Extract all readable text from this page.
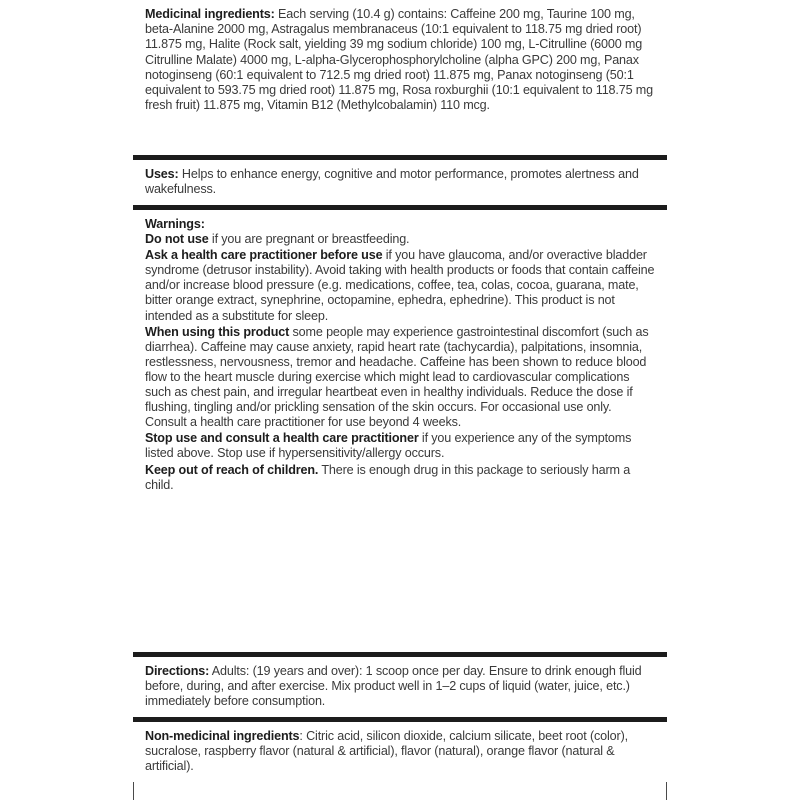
Medicinal ingredients: Each serving (10.4 g) contains: Caffeine 200 mg, Taurine 100 mg, beta-Alanine 2000 mg, Astragalus membranaceus (10:1 equivalent to 118.75 mg dried root) 11.875 mg, Halite (Rock salt, yielding 39 mg sodium chloride) 100 mg, L-Citrulline (6000 mg Citrulline Malate) 4000 mg, L-alpha-Glycerophosphorylcholine (alpha GPC) 200 mg, Panax notoginseng (60:1 equivalent to 712.5 mg dried root) 11.875 mg, Panax notoginseng (50:1 equivalent to 593.75 mg dried root) 11.875 mg, Rosa roxburghii (10:1 equivalent to 118.75 mg fresh fruit) 11.875 mg, Vitamin B12 (Methylcobalamin) 110 mcg.

Uses: Helps to enhance energy, cognitive and motor performance, promotes alertness and wakefulness.

Warnings:

Do not use if you are pregnant or breastfeeding.

Ask a health care practitioner before use if you have glaucoma, and/or overactive bladder syndrome (detrusor instability). Avoid taking with health products or foods that contain caffeine and/or increase blood pressure (e.g. medications, coffee, tea, colas, cocoa, guarana, mate, bitter orange extract, synephrine, octopamine, ephedra, ephedrine). This product is not intended as a substitute for sleep.

When using this product some people may experience gastrointestinal discomfort (such as diarrhea). Caffeine may cause anxiety, rapid heart rate (tachycardia), palpitations, insomnia, restlessness, nervousness, tremor and headache. Caffeine has been shown to reduce blood flow to the heart muscle during exercise which might lead to cardiovascular complications such as chest pain, and irregular heartbeat even in healthy individuals. Reduce the dose if flushing, tingling and/or prickling sensation of the skin occurs. For occasional use only. Consult a health care practitioner for use beyond 4 weeks.

Stop use and consult a health care practitioner if you experience any of the symptoms listed above. Stop use if hypersensitivity/allergy occurs.

Keep out of reach of children. There is enough drug in this package to seriously harm a child.

Directions: Adults: (19 years and over): 1 scoop once per day. Ensure to drink enough fluid before, during, and after exercise. Mix product well in 1–2 cups of liquid (water, juice, etc.) immediately before consumption.

Non-medicinal ingredients: Citric acid, silicon dioxide, calcium silicate, beet root (color), sucralose, raspberry flavor (natural & artificial), flavor (natural), orange flavor (natural & artificial).
